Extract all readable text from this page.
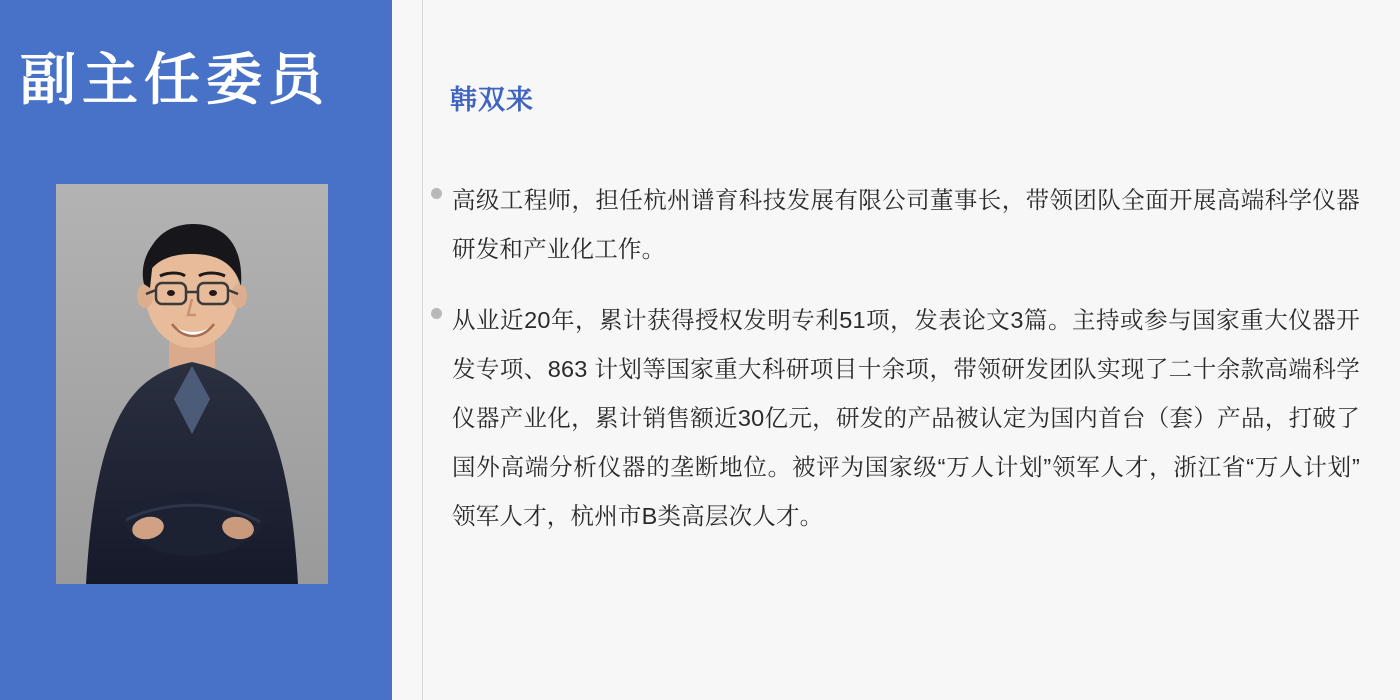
副主任委员	韩双来
高级工程师，担任杭州谱育科技发展有限公司董事长，带领团队全面开展高端科学仪器研发和产业化工作。
从业近20年，累计获得授权发明专利51项，发表论文3篇。主持或参与国家重大仪器开发专项、863 计划等国家重大科研项目十余项，带领研发团队实现了二十余款高端科学仪器产业化，累计销售额近30亿元，研发的产品被认定为国内首台（套）产品，打破了国外高端分析仪器的垄断地位。被评为国家级“万人计划”领军人才，浙江省“万人计划”领军人才，杭州市B类高层次人才。
